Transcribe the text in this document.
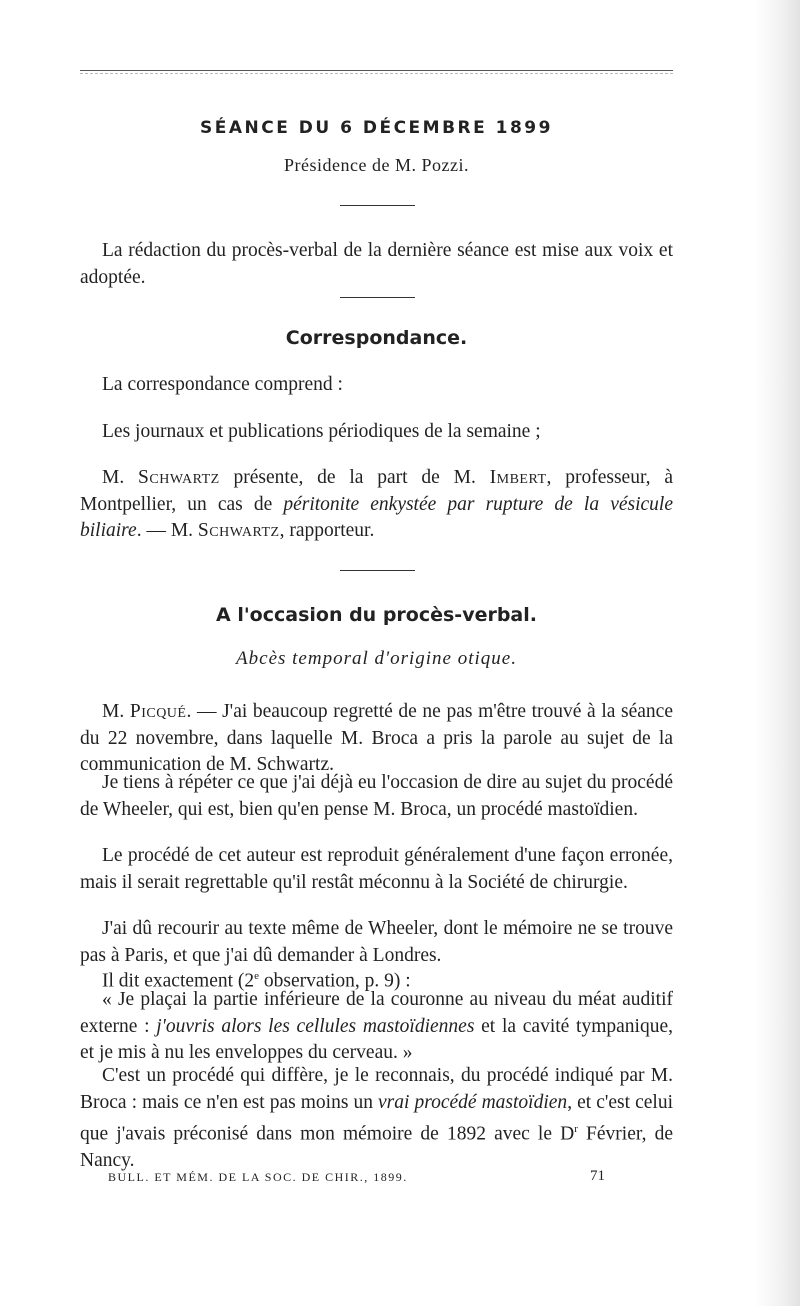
SÉANCE DU 6 DÉCEMBRE 1899
Présidence de M. Pozzi.

La rédaction du procès-verbal de la dernière séance est mise aux voix et adoptée.

Correspondance.

La correspondance comprend :

Les journaux et publications périodiques de la semaine ;

M. Schwartz présente, de la part de M. Imbert, professeur, à Montpellier, un cas de péritonite enkystée par rupture de la vésicule biliaire. — M. Schwartz, rapporteur.

A l'occasion du procès-verbal.
Abcès temporal d'origine otique.

M. Picqué. — J'ai beaucoup regretté de ne pas m'être trouvé à la séance du 22 novembre, dans laquelle M. Broca a pris la parole au sujet de la communication de M. Schwartz.

Je tiens à répéter ce que j'ai déjà eu l'occasion de dire au sujet du procédé de Wheeler, qui est, bien qu'en pense M. Broca, un procédé mastoïdien.

Le procédé de cet auteur est reproduit généralement d'une façon erronée, mais il serait regrettable qu'il restât méconnu à la Société de chirurgie.

J'ai dû recourir au texte même de Wheeler, dont le mémoire ne se trouve pas à Paris, et que j'ai dû demander à Londres.

Il dit exactement (2e observation, p. 9) :

« Je plaçai la partie inférieure de la couronne au niveau du méat auditif externe : j'ouvris alors les cellules mastoïdiennes et la cavité tympanique, et je mis à nu les enveloppes du cerveau. »

C'est un procédé qui diffère, je le reconnais, du procédé indiqué par M. Broca : mais ce n'en est pas moins un vrai procédé mastoïdien, et c'est celui que j'avais préconisé dans mon mémoire de 1892 avec le $D^r$ Février, de Nancy.

BULL. ET MÉM. DE LA SOC. DE CHIR., 1899.	71
